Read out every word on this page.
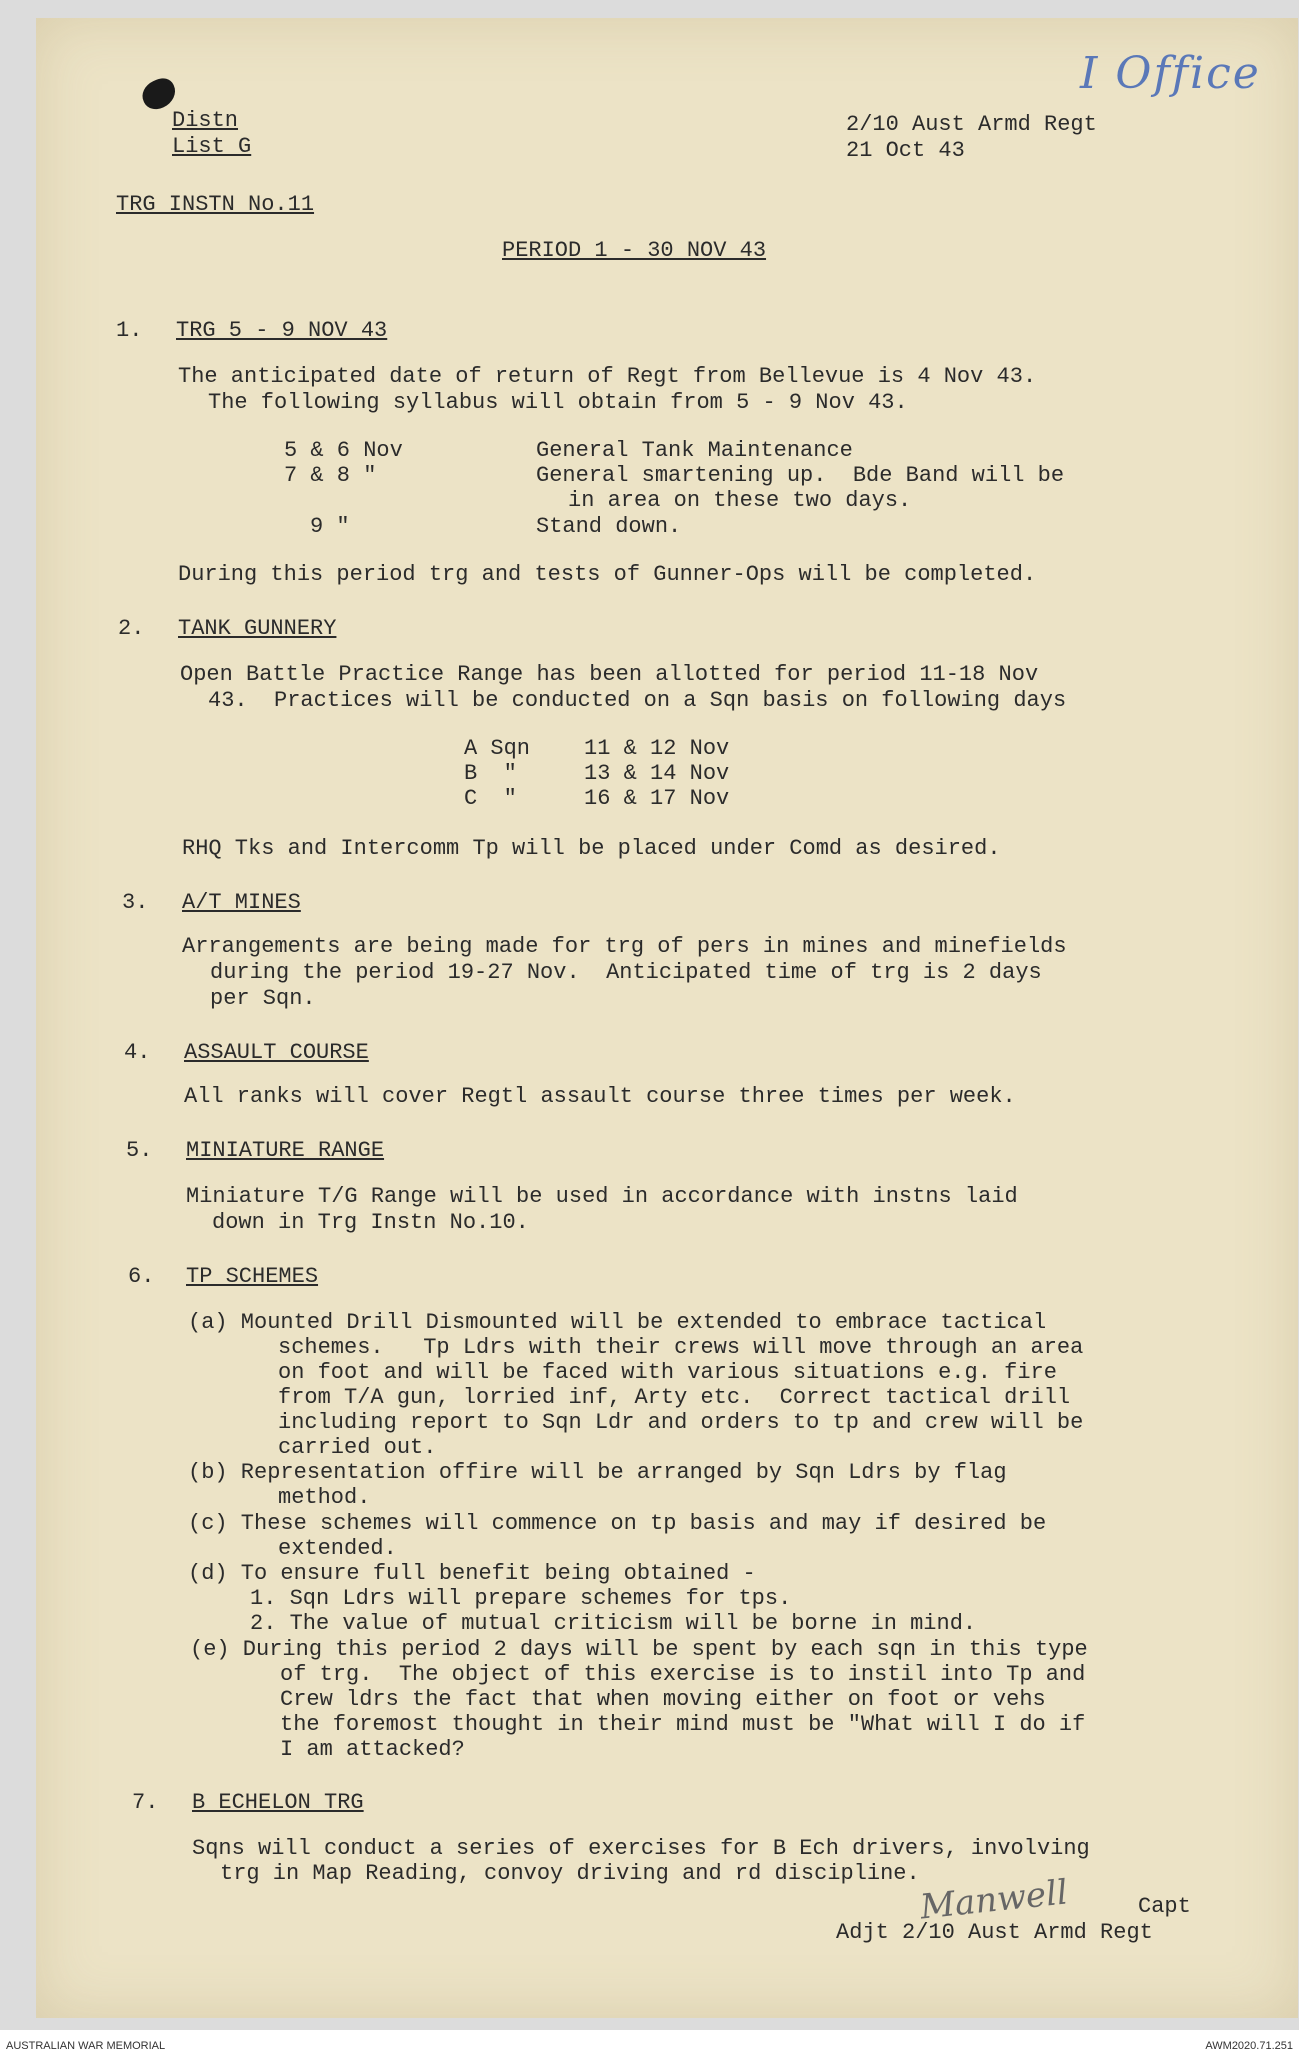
I Office
Distn
List G
2/10 Aust Armd Regt
21 Oct 43
TRG INSTN No.11
PERIOD 1 - 30 NOV 43
1. TRG 5 - 9 NOV 43
The anticipated date of return of Regt from Bellevue is 4 Nov 43.
The following syllabus will obtain from 5 - 9 Nov 43.
5 & 6 Nov	General Tank Maintenance
7 & 8 "	General smartening up.  Bde Band will be
in area on these two days.
9 "	Stand down.
During this period trg and tests of Gunner-Ops will be completed.
2. TANK GUNNERY
Open Battle Practice Range has been allotted for period 11-18 Nov
43.  Practices will be conducted on a Sqn basis on following days
A Sqn 11 & 12 Nov
B  "	13 & 14 Nov
C  "	16 & 17 Nov
RHQ Tks and Intercomm Tp will be placed under Comd as desired.
3. A/T MINES
Arrangements are being made for trg of pers in mines and minefields
during the period 19-27 Nov.  Anticipated time of trg is 2 days
per Sqn.
4. ASSAULT COURSE
All ranks will cover Regtl assault course three times per week.
5. MINIATURE RANGE
Miniature T/G Range will be used in accordance with instns laid
down in Trg Instn No.10.
6. TP SCHEMES
(a) Mounted Drill Dismounted will be extended to embrace tactical
schemes.   Tp Ldrs with their crews will move through an area
on foot and will be faced with various situations e.g. fire
from T/A gun, lorried inf, Arty etc.  Correct tactical drill
including report to Sqn Ldr and orders to tp and crew will be
carried out.
(b) Representation offire will be arranged by Sqn Ldrs by flag
method.
(c) These schemes will commence on tp basis and may if desired be
extended.
(d) To ensure full benefit being obtained -
1. Sqn Ldrs will prepare schemes for tps.
2. The value of mutual criticism will be borne in mind.
(e) During this period 2 days will be spent by each sqn in this type
of trg.  The object of this exercise is to instil into Tp and
Crew ldrs the fact that when moving either on foot or vehs
the foremost thought in their mind must be "What will I do if
I am attacked?
7. B ECHELON TRG
Sqns will conduct a series of exercises for B Ech drivers, involving
trg in Map Reading, convoy driving and rd discipline.
Manwell	Capt
Adjt 2/10 Aust Armd Regt
AUSTRALIAN WAR MEMORIAL	AWM2020.71.251
